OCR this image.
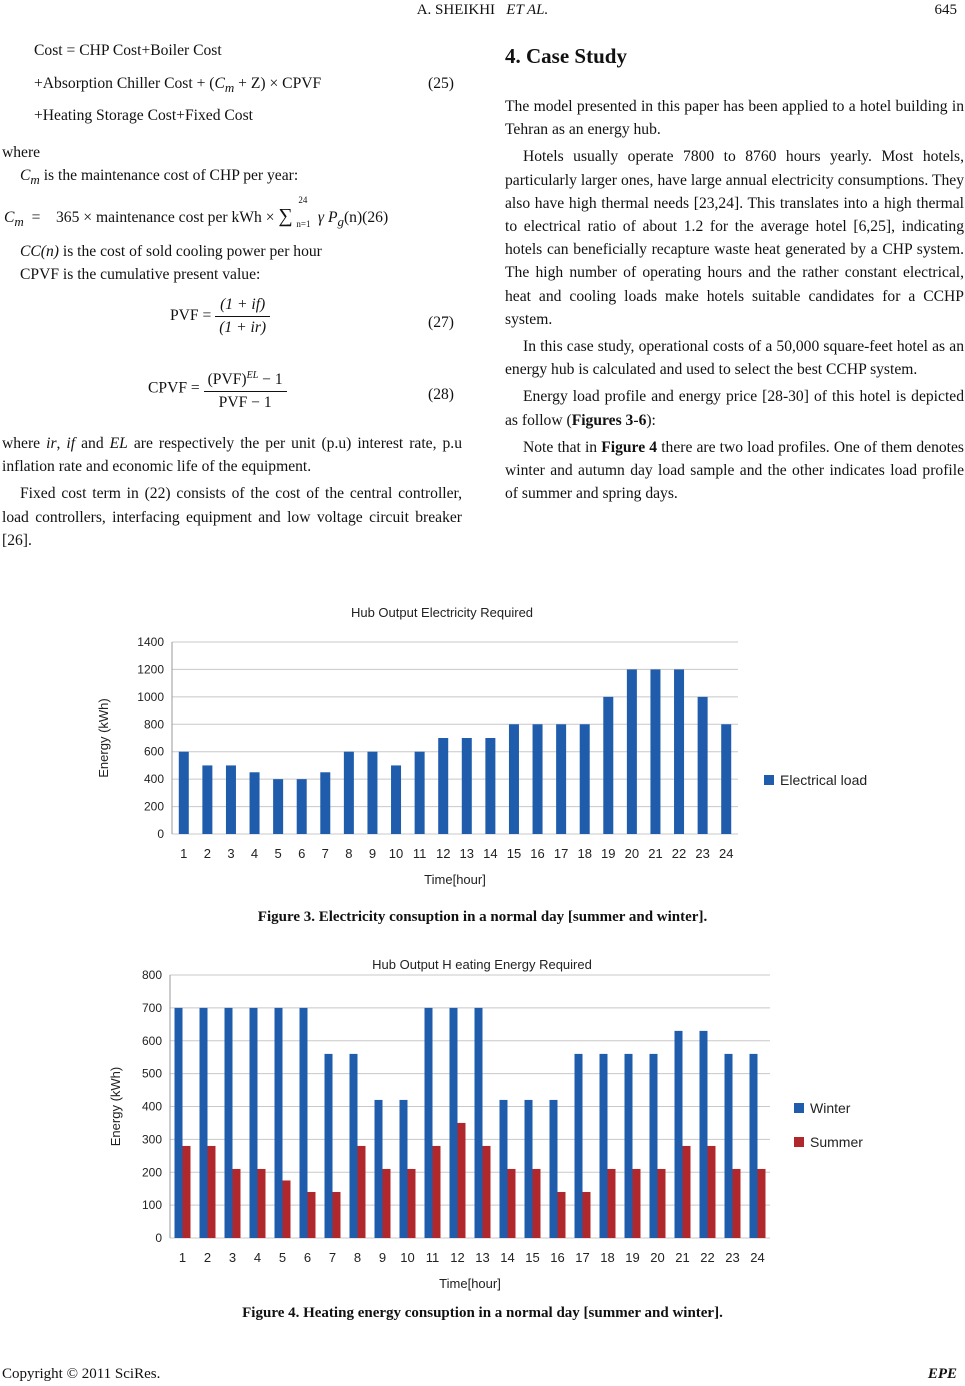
A. SHEIKHI ET AL.	645
Cost = CHP Cost+Boiler Cost
+Absorption Chiller Cost + $(C_m + Z)$ × CPVF	(25)
+Heating Storage Cost+Fixed Cost
where
$C_m$ is the maintenance cost of CHP per year:
$C_m = 365$ × maintenance cost per kWh × ∑
24
n=1 γ $P_g(n)(26)$
CC(n) is the cost of sold cooling power per hour
CPVF is the cumulative present value:
PVF = $\frac{(1 + if)}{(1 + ir)}$	(27)
CPVF = $\frac{(PVF)^{EL} - 1}{\text{PVF − 1}}$	(28)

where ir, if and EL are respectively the per unit (p.u) interest rate, p.u inflation rate and economic life of the equipment.

Fixed cost term in (22) consists of the cost of the central controller, load controllers, interfacing equipment and low voltage circuit breaker [26].

4. Case Study

The model presented in this paper has been applied to a hotel building in Tehran as an energy hub.

Hotels usually operate 7800 to 8760 hours yearly. Most hotels, particularly larger ones, have large annual electricity consumptions. They also have high thermal needs [23,24]. This translates into a high thermal to electrical ratio of about 1.2 for the average hotel [6,25], indicating hotels can beneficially recapture waste heat generated by a CHP system. The high number of operating hours and the rather constant electrical, heat and cooling loads make hotels suitable candidates for a CCHP system.

In this case study, operational costs of a 50,000 square-feet hotel as an energy hub is calculated and used to select the best CCHP system.

Energy load profile and energy price [28-30] of this hotel is depicted as follow (Figures 3-6):

Note that in Figure 4 there are two load profiles. One of them denotes winter and autumn day load sample and the other indicates load profile of summer and spring days.

Hub Output Electricity Required
0
200
400
600
800
1000
1200
1400
1 2 3 4 5 6 7 8 9 10 11 12 13 14 15 16 17 18 19 20 21 22 23 24
Time[hour]
Energy (kWh)
Electrical load
Figure 3. Electricity consuption in a normal day [summer and winter].
Hub Output H eating Energy Required
0
100
200
300
400
500
600
700
800
1 2 3 4 5 6 7 8 9 10 11 12 13 14 15 16 17 18 19 20 21 22 23 24
Time[hour]
Energy (kWh)	Winter
Summer
Figure 4. Heating energy consuption in a normal day [summer and winter].
Copyright © 2011 SciRes.	EPE
